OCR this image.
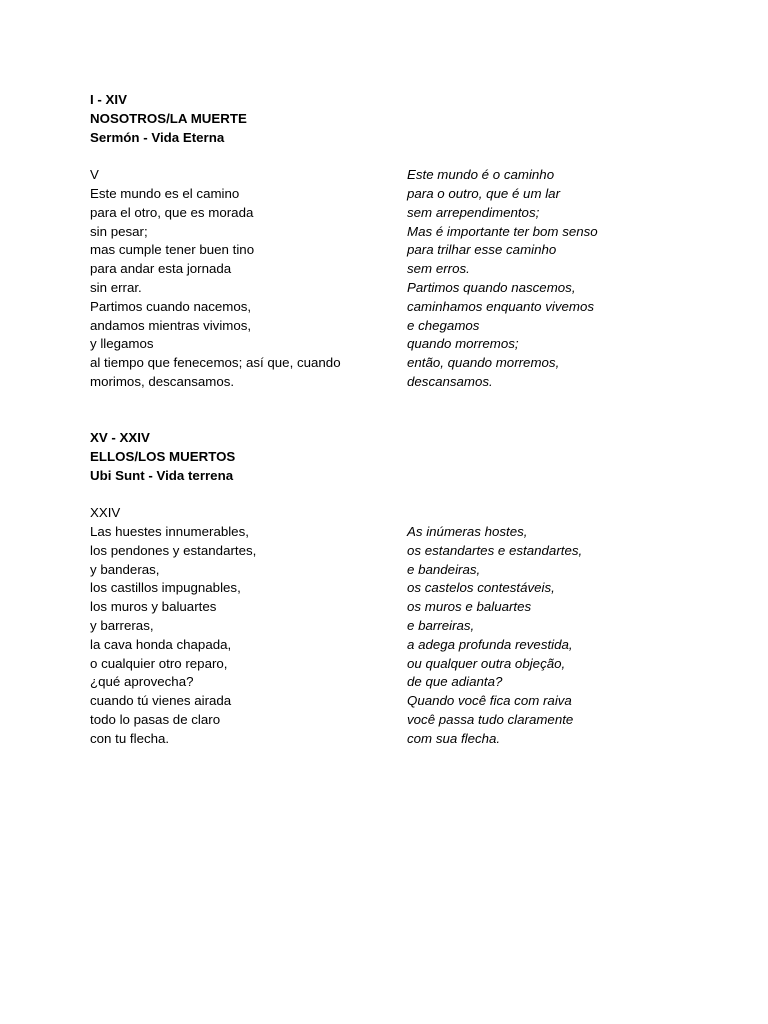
I - XIV
NOSOTROS/LA MUERTE
Sermón - Vida Eterna
V
Este mundo es el camino
para el otro, que es morada
sin pesar;
mas cumple tener buen tino
para andar esta jornada
sin errar.
Partimos cuando nacemos,
andamos mientras vivimos,
y llegamos
al tiempo que fenecemos; así que, cuando
morimos, descansamos.
Este mundo é o caminho
para o outro, que é um lar
sem arrependimentos;
Mas é importante ter bom senso
para trilhar esse caminho
sem erros.
Partimos quando nascemos,
caminhamos enquanto vivemos
e chegamos
quando morremos;
então, quando morremos,
descansamos.
XV - XXIV
ELLOS/LOS MUERTOS
Ubi Sunt - Vida terrena
XXIV
Las huestes innumerables,
los pendones y estandartes,
y banderas,
los castillos impugnables,
los muros y baluartes
y barreras,
la cava honda chapada,
o cualquier otro reparo,
¿qué aprovecha?
cuando tú vienes airada
todo lo pasas de claro
con tu flecha.
As inúmeras hostes,
os estandartes e estandartes,
e bandeiras,
os castelos contestáveis,
os muros e baluartes
e barreiras,
a adega profunda revestida,
ou qualquer outra objeção,
de que adianta?
Quando você fica com raiva
você passa tudo claramente
com sua flecha.
